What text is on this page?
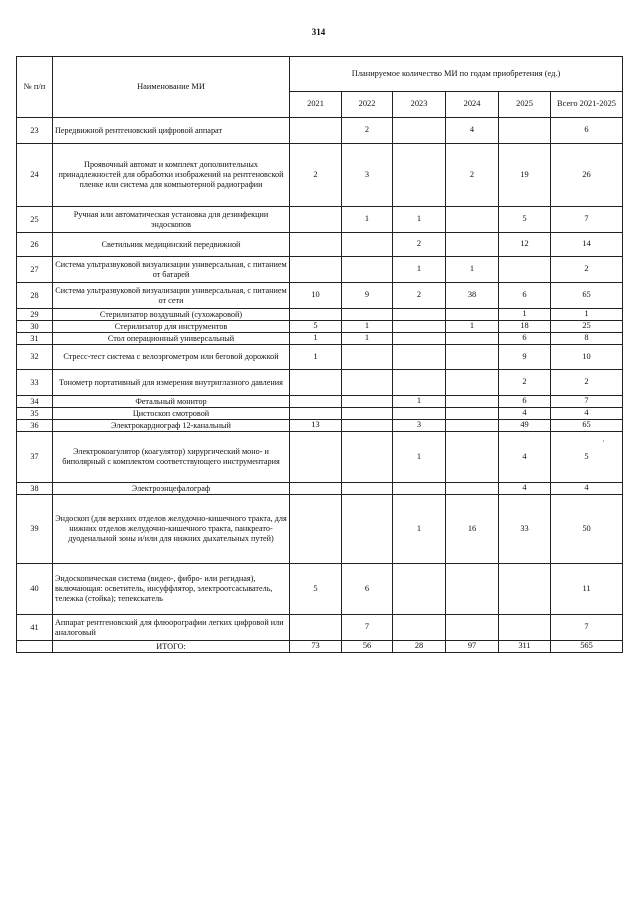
314
№ п/п	Наименование МИ	Планируемое количество МИ по годам приобретения (ед.)					
		2021	2022	2023	2024	2025	Всего 2021-2025
23	Передвижной рентгеновский цифровой аппарат		2		4		6
24	Проявочный автомат и комплект дополнительных принадлежностей для обработки изображений на рентгеновской пленке или система для компьютерной радиографии	2	3		2	19	26
25	Ручная или автоматическая установка для дезинфекции эндоскопов		1	1		5	7
26	Светильник медицинский передвижной			2		12	14
27	Система ультразвуковой визуализации универсальная, с питанием от батарей			1	1		2
28	Система ультразвуковой визуализации универсальная, с питанием от сети	10	9	2	38	6	65
29	Стерилизатор воздушный (сухожаровой)					1	1
30	Стерилизатор для инструментов	5	1		1	18	25
31	Стол операционный универсальный	1	1			6	8
32	Стресс-тест система с велоэргометром или беговой дорожкой	1				9	10
33	Тонометр портативный для измерения внутриглазного давления					2	2
34	Фетальный монитор			1		6	7
35	Цистоскоп смотровой					4	4
36	Электрокардиограф 12-канальный	13		3		49	65
37	Электрокоагулятор (коагулятор) хирургический моно- и биполярный с комплектом соответствующего инструментария			1		4	5
38	Электроэнцефалограф					4	4
39	Эндоскоп (для верхних отделов желудочно-кишечного тракта, для нижних отделов желудочно-кишечного тракта, панкреато-дуоденальной зоны и/или для нижних дыхательных путей)			1	16	33	50
40	Эндоскопическая система (видео-, фибро- или регидная), включающая: осветитель, инсуффлятор, электроотсасыватель, тележка (стойка); тепекскатель	5	6				11
41	Аппарат рентгеновский для флюорографии легких цифровой или аналоговый		7				7
	ИТОГО:	73	56	28	97	311	565
·
